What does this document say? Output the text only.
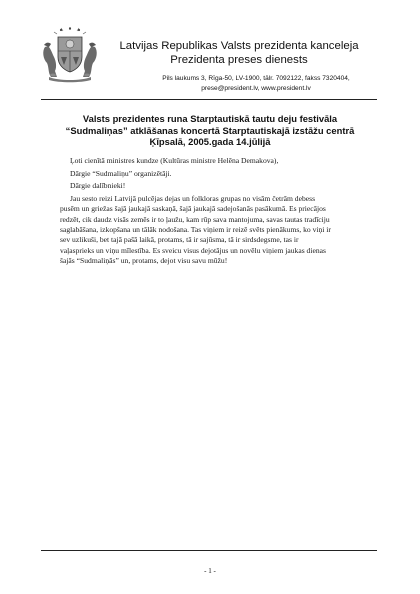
Latvijas Republikas Valsts prezidenta kanceleja
Prezidenta preses dienests
Pils laukums 3, Rīga-50, LV-1900, tālr. 7092122, fakss 7320404,
prese@president.lv, www.president.lv
Valsts prezidentes runa Starptautiskā tautu deju festivāla
“Sudmaliņas” atklāšanas koncertā Starptautiskajā izstāžu centrā
Ķīpsalā, 2005.gada 14.jūlijā

Ļoti cienītā ministres kundze (Kultūras ministre Helēna Demakova),

Dārgie “Sudmaliņu” organizētāji.

Dārgie dalībnieki!

Jau sesto reizi Latvijā pulcējas dejas un folkloras grupas no visām četrām debess
pusēm un griežas šajā jaukajā saskaņā, šajā jaukajā sadejošanās pasākumā. Es priecājos
redzēt, cik daudz visās zemēs ir to ļaužu, kam rūp sava mantojuma, savas tautas tradīciju
saglabāšana, izkopšana un tālāk nodošana. Tas viņiem ir reizē svēts pienākums, ko viņi ir
sev uzlikuši, bet tajā pašā laikā, protams, tā ir sajūsma, tā ir sirdsdegsme, tas ir
vaļasprieks un viņu mīlestība. Es sveicu visus dejotājus un novēlu viņiem jaukas dienas
šajās “Sudmaliņās” un, protams, dejot visu savu mūžu!
- 1 -
